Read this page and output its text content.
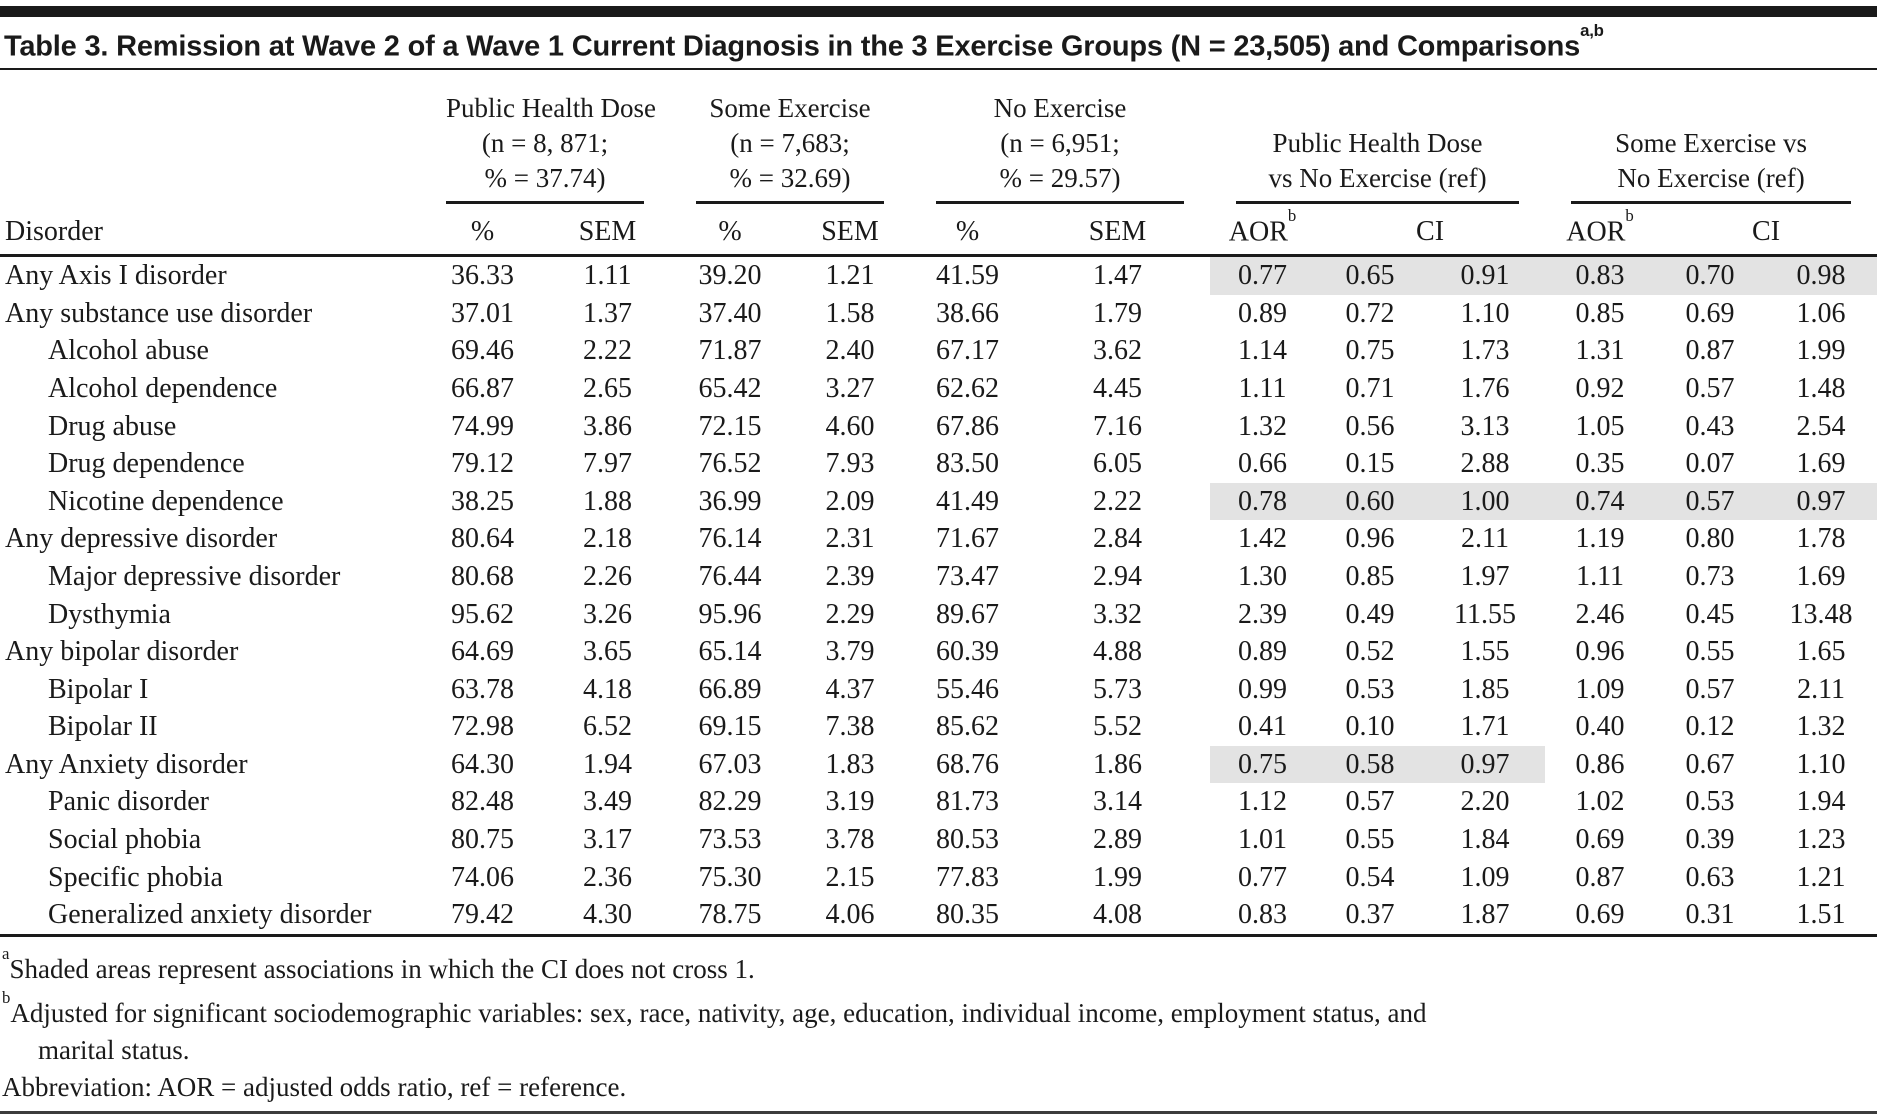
Table 3. Remission at Wave 2 of a Wave 1 Current Diagnosis in the 3 Exercise Groups (N = 23,505) and Comparisons$^{a,b}$
Disorder	
Public Health Dose
(n = 8, 871;
% = 37.74)

Some Exercise
(n = 7,683;
% = 32.69)

No Exercise
(n = 6,951;
% = 29.57)

Public Health Dose
vs No Exercise (ref)

Some Exercise vs
No Exercise (ref)

	%	SEM	%	SEM	%	SEM	AOR$^b$	CI		AOR$^b$	CI	
Any Axis I disorder	36.33	1.11	39.20	1.21	41.59	1.47	0.77	0.65	0.91	0.83	0.70	0.98
Any substance use disorder	37.01	1.37	37.40	1.58	38.66	1.79	0.89	0.72	1.10	0.85	0.69	1.06
Alcohol abuse	69.46	2.22	71.87	2.40	67.17	3.62	1.14	0.75	1.73	1.31	0.87	1.99
Alcohol dependence	66.87	2.65	65.42	3.27	62.62	4.45	1.11	0.71	1.76	0.92	0.57	1.48
Drug abuse	74.99	3.86	72.15	4.60	67.86	7.16	1.32	0.56	3.13	1.05	0.43	2.54
Drug dependence	79.12	7.97	76.52	7.93	83.50	6.05	0.66	0.15	2.88	0.35	0.07	1.69
Nicotine dependence	38.25	1.88	36.99	2.09	41.49	2.22	0.78	0.60	1.00	0.74	0.57	0.97
Any depressive disorder	80.64	2.18	76.14	2.31	71.67	2.84	1.42	0.96	2.11	1.19	0.80	1.78
Major depressive disorder	80.68	2.26	76.44	2.39	73.47	2.94	1.30	0.85	1.97	1.11	0.73	1.69
Dysthymia	95.62	3.26	95.96	2.29	89.67	3.32	2.39	0.49	11.55	2.46	0.45	13.48
Any bipolar disorder	64.69	3.65	65.14	3.79	60.39	4.88	0.89	0.52	1.55	0.96	0.55	1.65
Bipolar I	63.78	4.18	66.89	4.37	55.46	5.73	0.99	0.53	1.85	1.09	0.57	2.11
Bipolar II	72.98	6.52	69.15	7.38	85.62	5.52	0.41	0.10	1.71	0.40	0.12	1.32
Any Anxiety disorder	64.30	1.94	67.03	1.83	68.76	1.86	0.75	0.58	0.97	0.86	0.67	1.10
Panic disorder	82.48	3.49	82.29	3.19	81.73	3.14	1.12	0.57	2.20	1.02	0.53	1.94
Social phobia	80.75	3.17	73.53	3.78	80.53	2.89	1.01	0.55	1.84	0.69	0.39	1.23
Specific phobia	74.06	2.36	75.30	2.15	77.83	1.99	0.77	0.54	1.09	0.87	0.63	1.21
Generalized anxiety disorder	79.42	4.30	78.75	4.06	80.35	4.08	0.83	0.37	1.87	0.69	0.31	1.51
$^a$Shaded areas represent associations in which the CI does not cross 1.
$^b$Adjusted for significant sociodemographic variables: sex, race, nativity, age, education, individual income, employment status, and
marital status.
Abbreviation: AOR = adjusted odds ratio, ref = reference.
